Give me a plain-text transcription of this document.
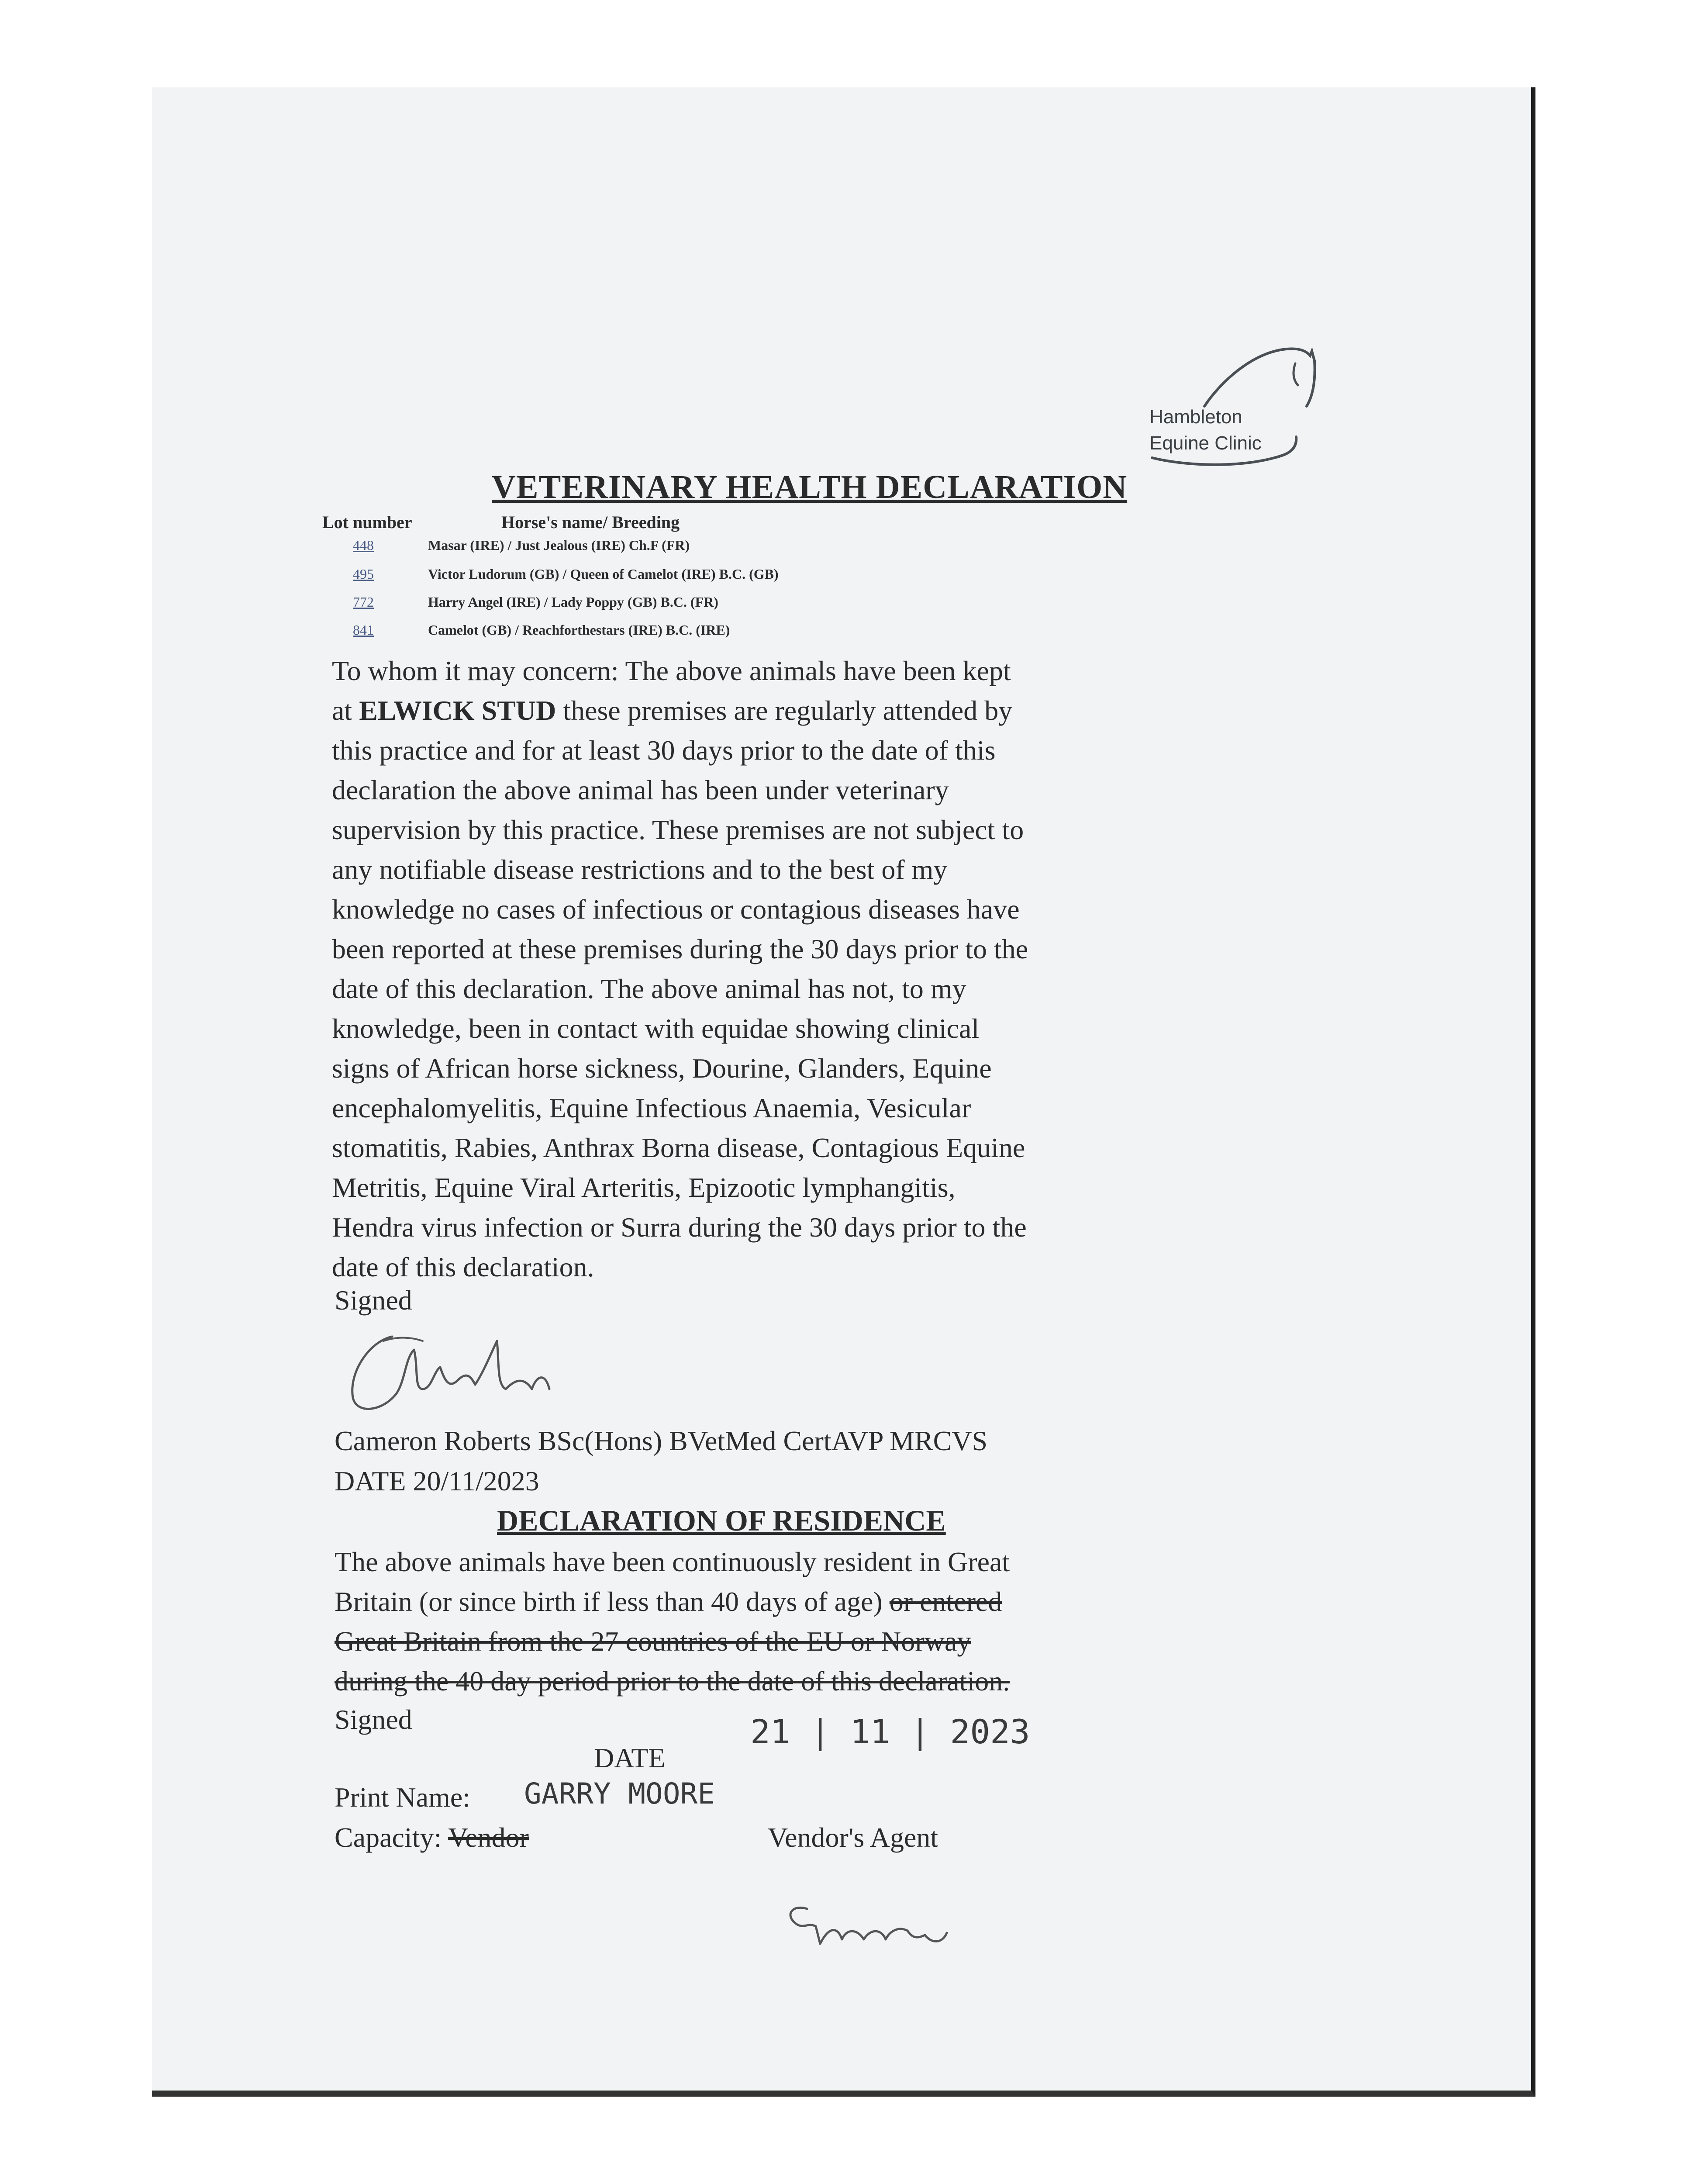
Hambleton
Equine Clinic
VETERINARY HEALTH DECLARATION
Lot number	Horse's name/ Breeding
448	Masar (IRE) / Just Jealous (IRE) Ch.F (FR)
495	Victor Ludorum (GB) / Queen of Camelot (IRE) B.C. (GB)
772	Harry Angel (IRE) / Lady Poppy (GB) B.C. (FR)
841	Camelot (GB) / Reachforthestars (IRE) B.C. (IRE)
To whom it may concern: The above animals have been kept
at ELWICK STUD these premises are regularly attended by
this practice and for at least 30 days prior to the date of this
declaration the above animal has been under veterinary
supervision by this practice. These premises are not subject to
any notifiable disease restrictions and to the best of my
knowledge no cases of infectious or contagious diseases have
been reported at these premises during the 30 days prior to the
date of this declaration. The above animal has not, to my
knowledge, been in contact with equidae showing clinical
signs of African horse sickness, Dourine, Glanders, Equine
encephalomyelitis, Equine Infectious Anaemia, Vesicular
stomatitis, Rabies, Anthrax Borna disease, Contagious Equine
Metritis, Equine Viral Arteritis, Epizootic lymphangitis,
Hendra virus infection or Surra during the 30 days prior to the
date of this declaration.
Signed
Cameron Roberts BSc(Hons) BVetMed CertAVP MRCVS
DATE 20/11/2023
DECLARATION OF RESIDENCE
The above animals have been continuously resident in Great
Britain (or since birth if less than 40 days of age) or entered
Great Britain from the 27 countries of the EU or Norway
during the 40 day period prior to the date of this declaration.
Signed
DATE
21 | 11 | 2023
Print Name: GARRY MOORE
Capacity: Vendor	Vendor's Agent
